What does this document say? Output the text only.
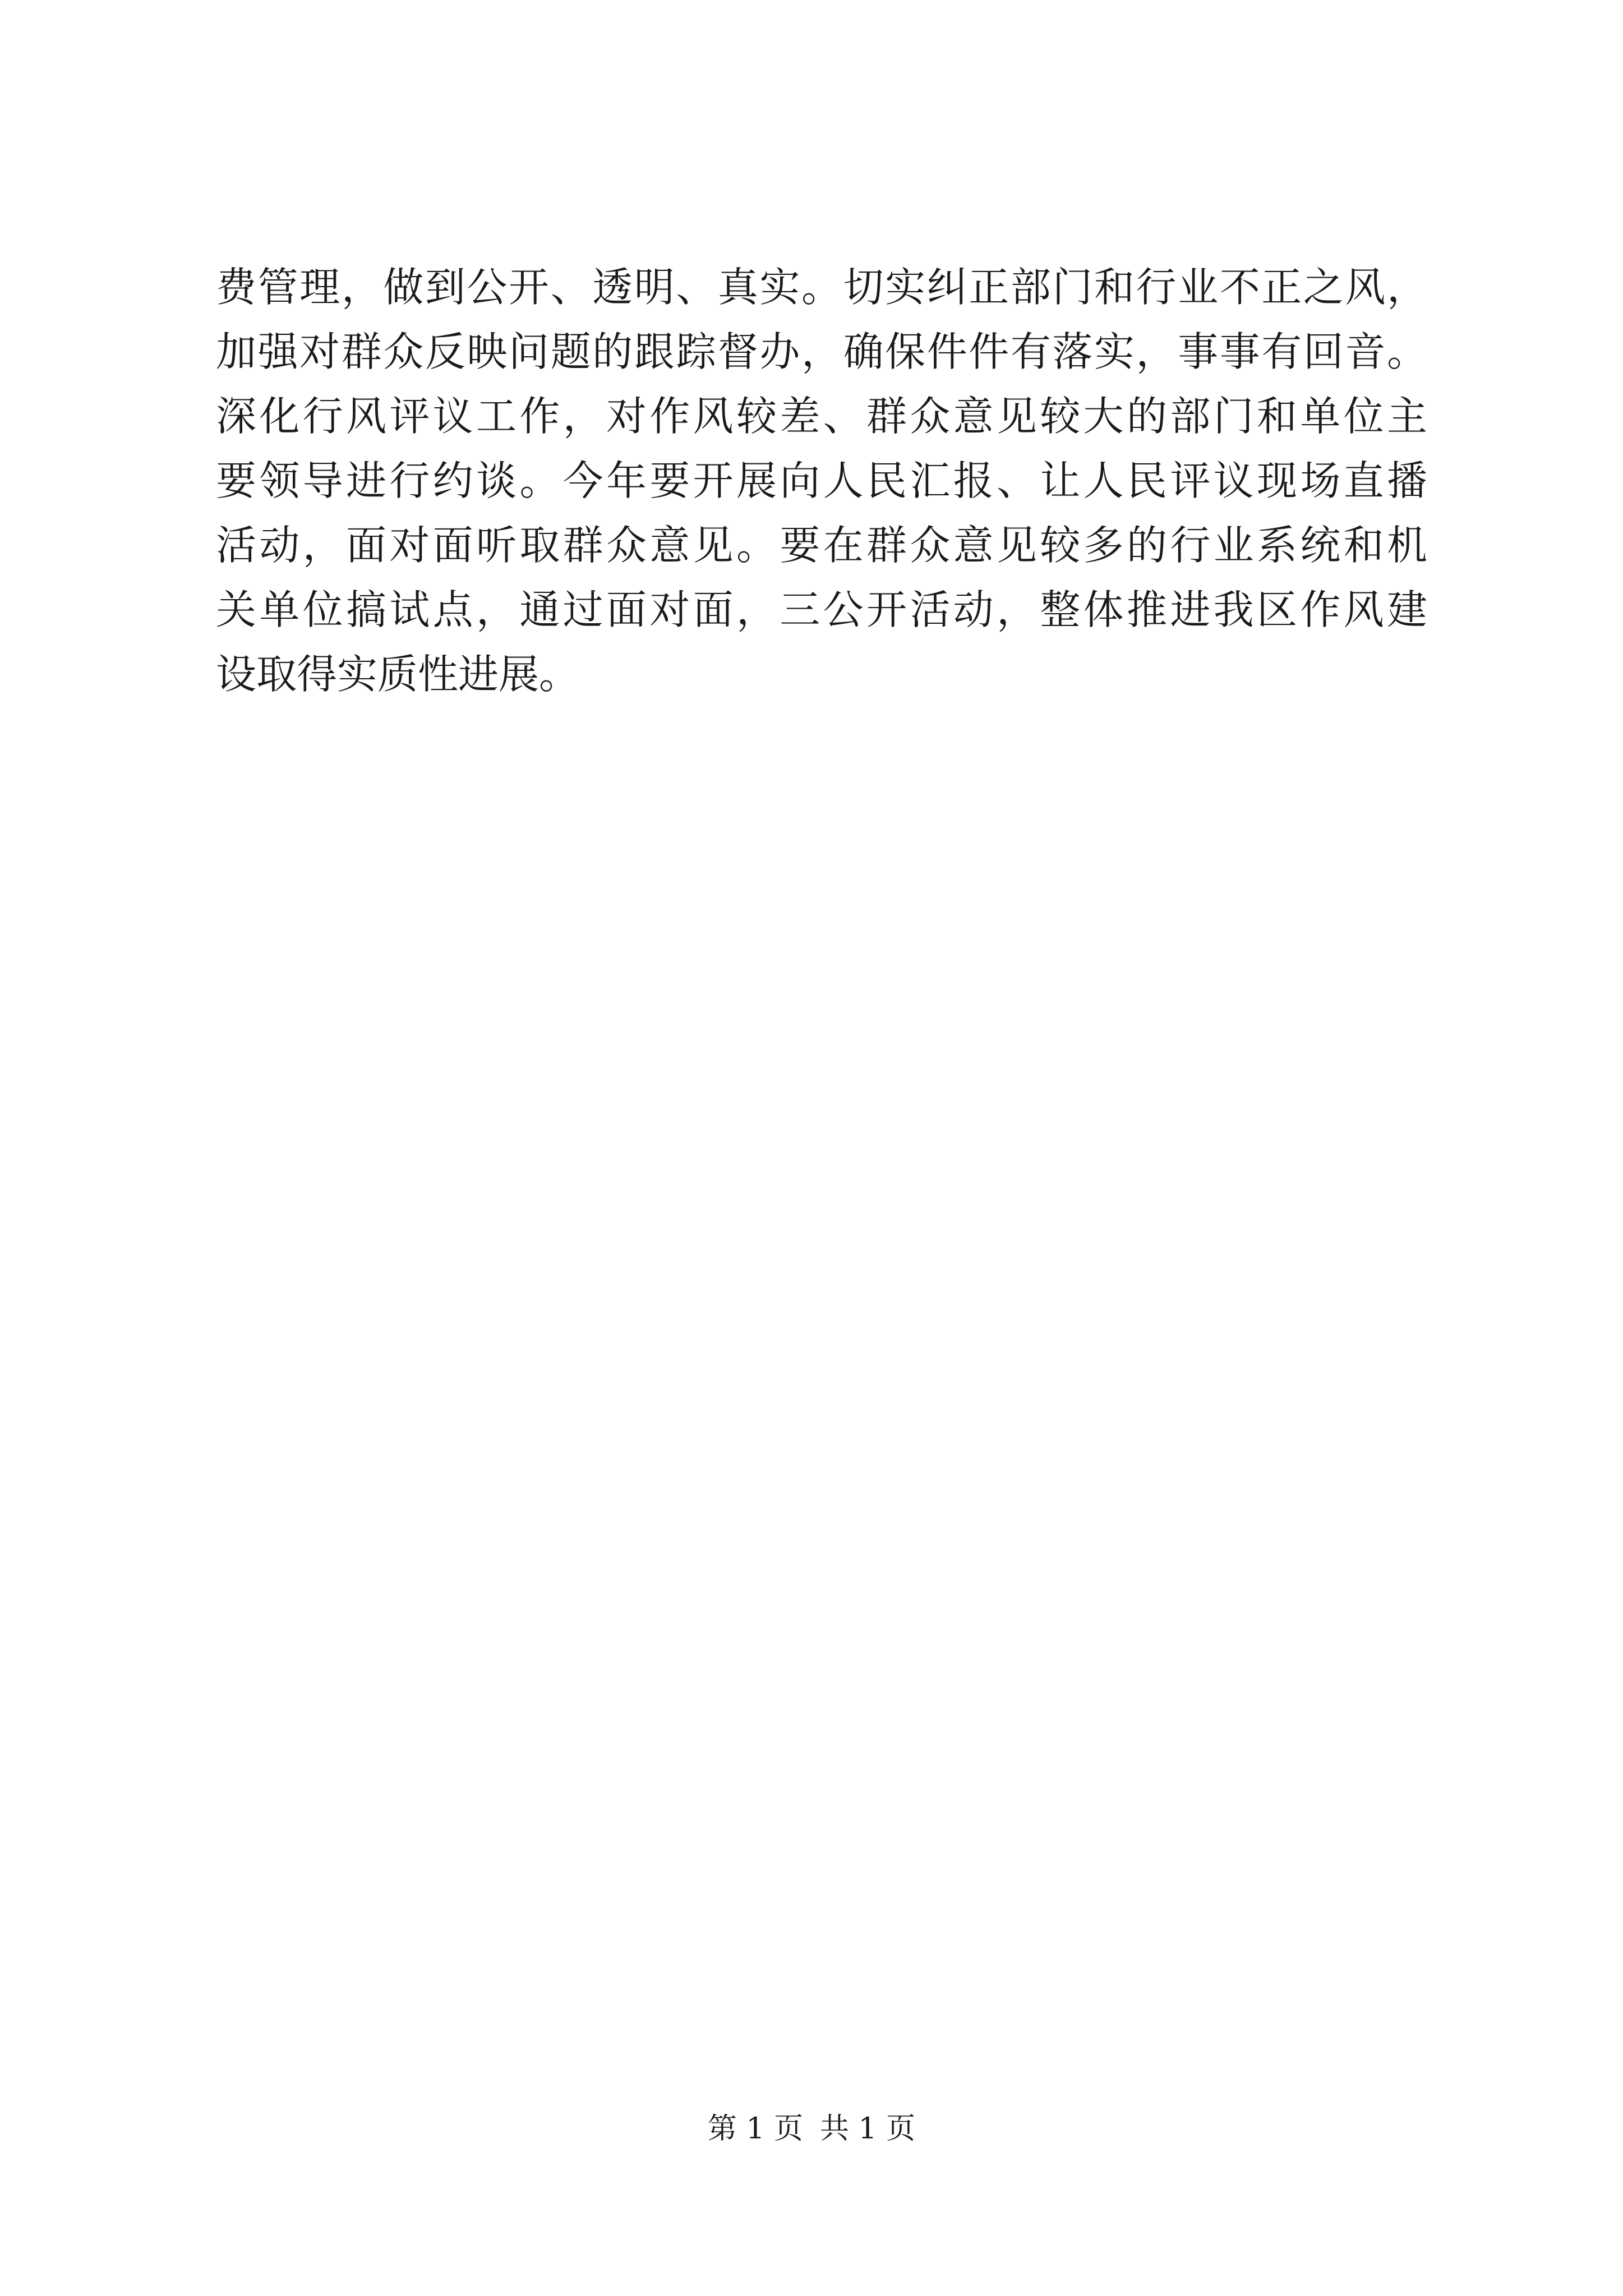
费管理，做到公开、透明、真实。切实纠正部门和行业不正之风，
加强对群众反映问题的跟踪督办，确保件件有落实，事事有回音。
深化行风评议工作，对作风较差、群众意见较大的部门和单位主
要领导进行约谈。今年要开展向人民汇报、让人民评议现场直播
活动，面对面听取群众意见。要在群众意见较多的行业系统和机
关单位搞试点，通过面对面，三公开活动，整体推进我区作风建
设取得实质性进展。
第 1 页 共 1 页
